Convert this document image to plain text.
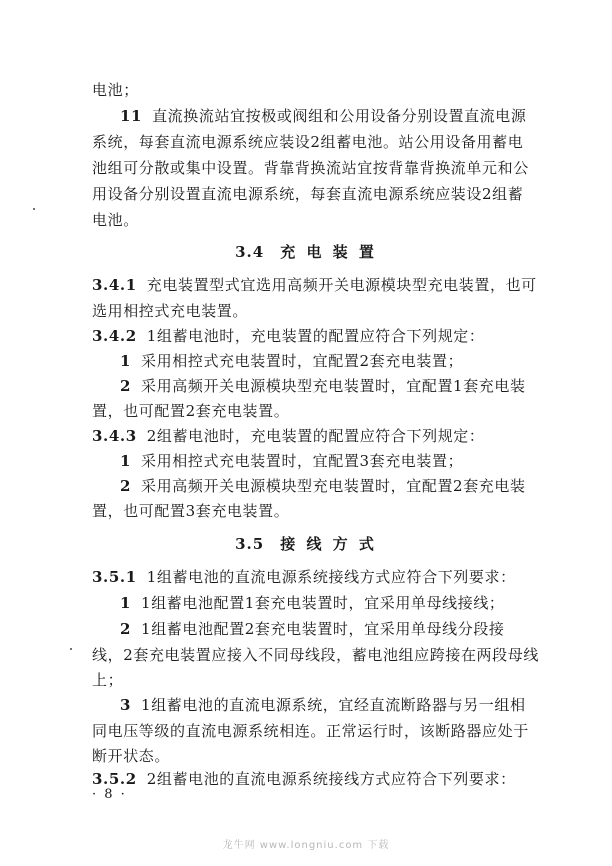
电池；
11 直流换流站宜按极或阀组和公用设备分别设置直流电源
系统，每套直流电源系统应装设2组蓄电池。站公用设备用蓄电
池组可分散或集中设置。背靠背换流站宜按背靠背换流单元和公
用设备分别设置直流电源系统，每套直流电源系统应装设2组蓄
电池。
3.4 充 电 装 置
3.4.1 充电装置型式宜选用高频开关电源模块型充电装置，也可
选用相控式充电装置。
3.4.2 1组蓄电池时，充电装置的配置应符合下列规定：
1 采用相控式充电装置时，宜配置2套充电装置；
2 采用高频开关电源模块型充电装置时，宜配置1套充电装
置，也可配置2套充电装置。
3.4.3 2组蓄电池时，充电装置的配置应符合下列规定：
1 采用相控式充电装置时，宜配置3套充电装置；
2 采用高频开关电源模块型充电装置时，宜配置2套充电装
置，也可配置3套充电装置。
3.5 接 线 方 式
3.5.1 1组蓄电池的直流电源系统接线方式应符合下列要求：
1 1组蓄电池配置1套充电装置时，宜采用单母线接线；
2 1组蓄电池配置2套充电装置时，宜采用单母线分段接
线，2套充电装置应接入不同母线段，蓄电池组应跨接在两段母线
上；
3 1组蓄电池的直流电源系统，宜经直流断路器与另一组相
同电压等级的直流电源系统相连。正常运行时，该断路器应处于
断开状态。
3.5.2 2组蓄电池的直流电源系统接线方式应符合下列要求：
· 8 ·
龙牛网 www.longniu.com 下载
